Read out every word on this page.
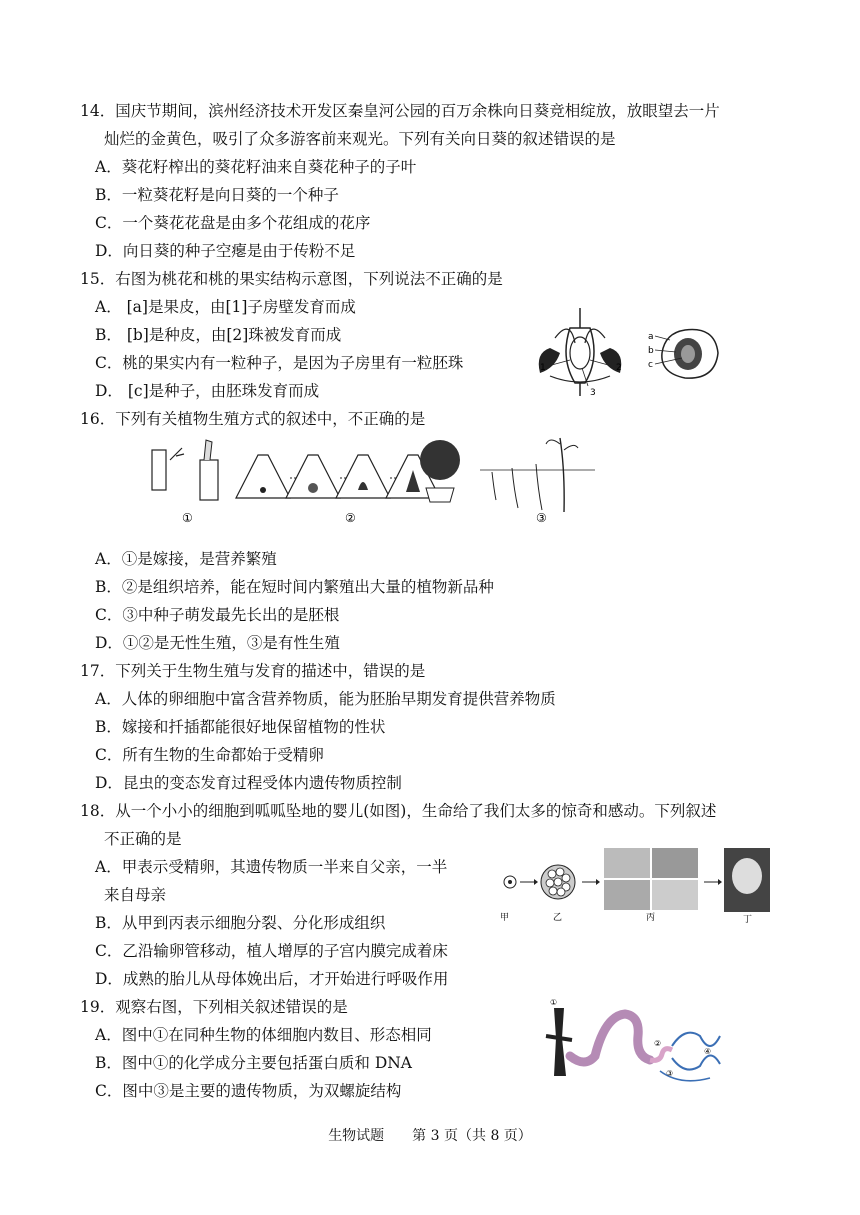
14．国庆节期间，滨州经济技术开发区秦皇河公园的百万余株向日葵竞相绽放，放眼望去一片
灿烂的金黄色，吸引了众多游客前来观光。下列有关向日葵的叙述错误的是
A．葵花籽榨出的葵花籽油来自葵花种子的子叶
B．一粒葵花籽是向日葵的一个种子
C．一个葵花花盘是由多个花组成的花序
D．向日葵的种子空瘪是由于传粉不足
15．右图为桃花和桃的果实结构示意图，下列说法不正确的是
A． [a]是果皮，由[1]子房壁发育而成
B． [b]是种皮，由[2]珠被发育而成
C．桃的果实内有一粒种子，是因为子房里有一粒胚珠
D． [c]是种子，由胚珠发育而成
1	2
3
a
b
c
16．下列有关植物生殖方式的叙述中，不正确的是
①	②	③
A．①是嫁接，是营养繁殖
B．②是组织培养，能在短时间内繁殖出大量的植物新品种
C．③中种子萌发最先长出的是胚根
D．①②是无性生殖，③是有性生殖
17．下列关于生物生殖与发育的描述中，错误的是
A．人体的卵细胞中富含营养物质，能为胚胎早期发育提供营养物质
B．嫁接和扦插都能很好地保留植物的性状
C．所有生物的生命都始于受精卵
D．昆虫的变态发育过程受体内遗传物质控制
18．从一个小小的细胞到呱呱坠地的婴儿(如图)，生命给了我们太多的惊奇和感动。下列叙述
不正确的是
A．甲表示受精卵，其遗传物质一半来自父亲，一半
来自母亲
B．从甲到丙表示细胞分裂、分化形成组织
C．乙沿输卵管移动，植人增厚的子宫内膜完成着床
D．成熟的胎儿从母体娩出后，才开始进行呼吸作用
甲	乙	丙	丁
19．观察右图，下列相关叙述错误的是
A．图中①在同种生物的体细胞内数目、形态相同
B．图中①的化学成分主要包括蛋白质和 DNA
C．图中③是主要的遗传物质，为双螺旋结构
①
②
③
④
生物试题　　第 3 页（共 8 页）
